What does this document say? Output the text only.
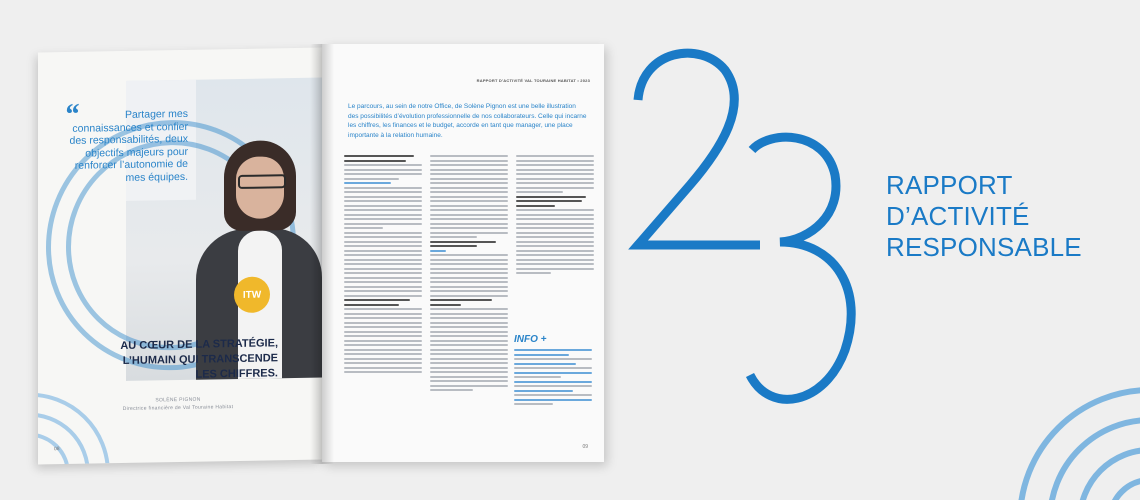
“	Partager mes connaissances et confier des responsabilités, deux objectifs majeurs pour renforcer l’autonomie de mes équipes.
ITW
AU CŒUR DE LA STRATÉGIE,
L’HUMAIN QUI TRANSCENDE
LES CHIFFRES.
SOLÈNE PIGNON
Directrice financière de Val Touraine Habitat
08
RAPPORT D’ACTIVITÉ VAL TOURAINE HABITAT • 2023
Le parcours, au sein de notre Office, de Solène Pignon est une belle illustration des possibilités d’évolution professionnelle de nos collaborateurs. Celle qui incarne les chiffres, les finances et le budget, accorde en tant que manager, une place importante à la relation humaine.
INFO +
09
RAPPORT
D’ACTIVITÉ
RESPONSABLE
